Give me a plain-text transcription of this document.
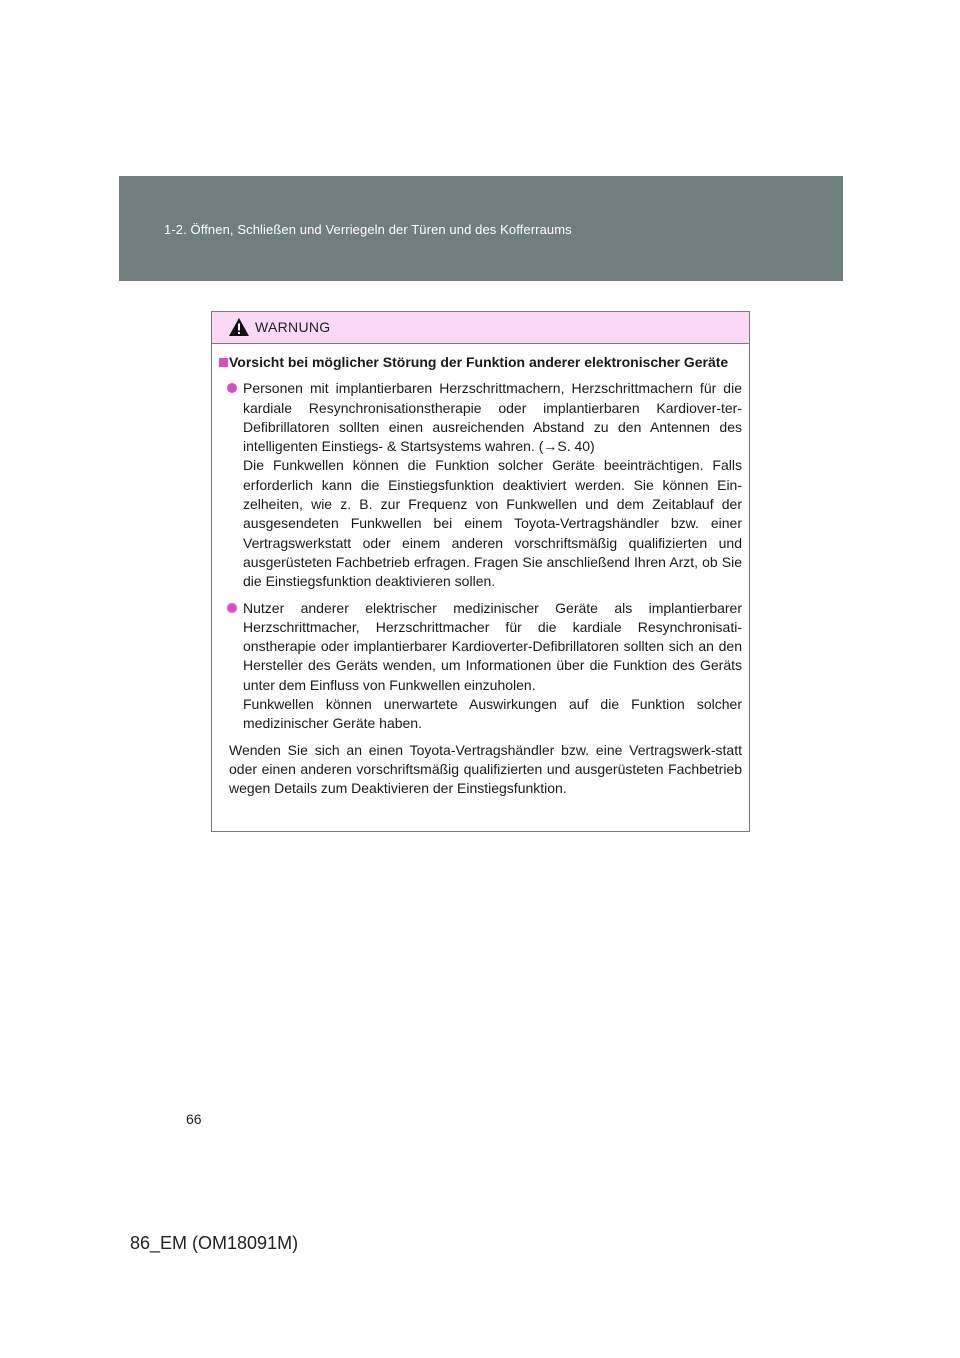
1-2. Öffnen, Schließen und Verriegeln der Türen und des Kofferraums
WARNUNG
Vorsicht bei möglicher Störung der Funktion anderer elektronischer Geräte
Personen mit implantierbaren Herzschrittmachern, Herzschrittmachern für die kardiale Resynchronisationstherapie oder implantierbaren Kardiover-ter-Defibrillatoren sollten einen ausreichenden Abstand zu den Antennen des intelligenten Einstiegs- & Startsystems wahren. (→S. 40)
Die Funkwellen können die Funktion solcher Geräte beeinträchtigen. Falls erforderlich kann die Einstiegsfunktion deaktiviert werden. Sie können Ein-zelheiten, wie z. B. zur Frequenz von Funkwellen und dem Zeitablauf der ausgesendeten Funkwellen bei einem Toyota-Vertragshändler bzw. einer Vertragswerkstatt oder einem anderen vorschriftsmäßig qualifizierten und ausgerüsteten Fachbetrieb erfragen. Fragen Sie anschließend Ihren Arzt, ob Sie die Einstiegsfunktion deaktivieren sollen.
Nutzer anderer elektrischer medizinischer Geräte als implantierbarer Herzschrittmacher, Herzschrittmacher für die kardiale Resynchronisati-onstherapie oder implantierbarer Kardioverter-Defibrillatoren sollten sich an den Hersteller des Geräts wenden, um Informationen über die Funktion des Geräts unter dem Einfluss von Funkwellen einzuholen.
Funkwellen können unerwartete Auswirkungen auf die Funktion solcher medizinischer Geräte haben.
Wenden Sie sich an einen Toyota-Vertragshändler bzw. eine Vertragswerk-statt oder einen anderen vorschriftsmäßig qualifizierten und ausgerüsteten Fachbetrieb wegen Details zum Deaktivieren der Einstiegsfunktion.
66
86_EM (OM18091M)
